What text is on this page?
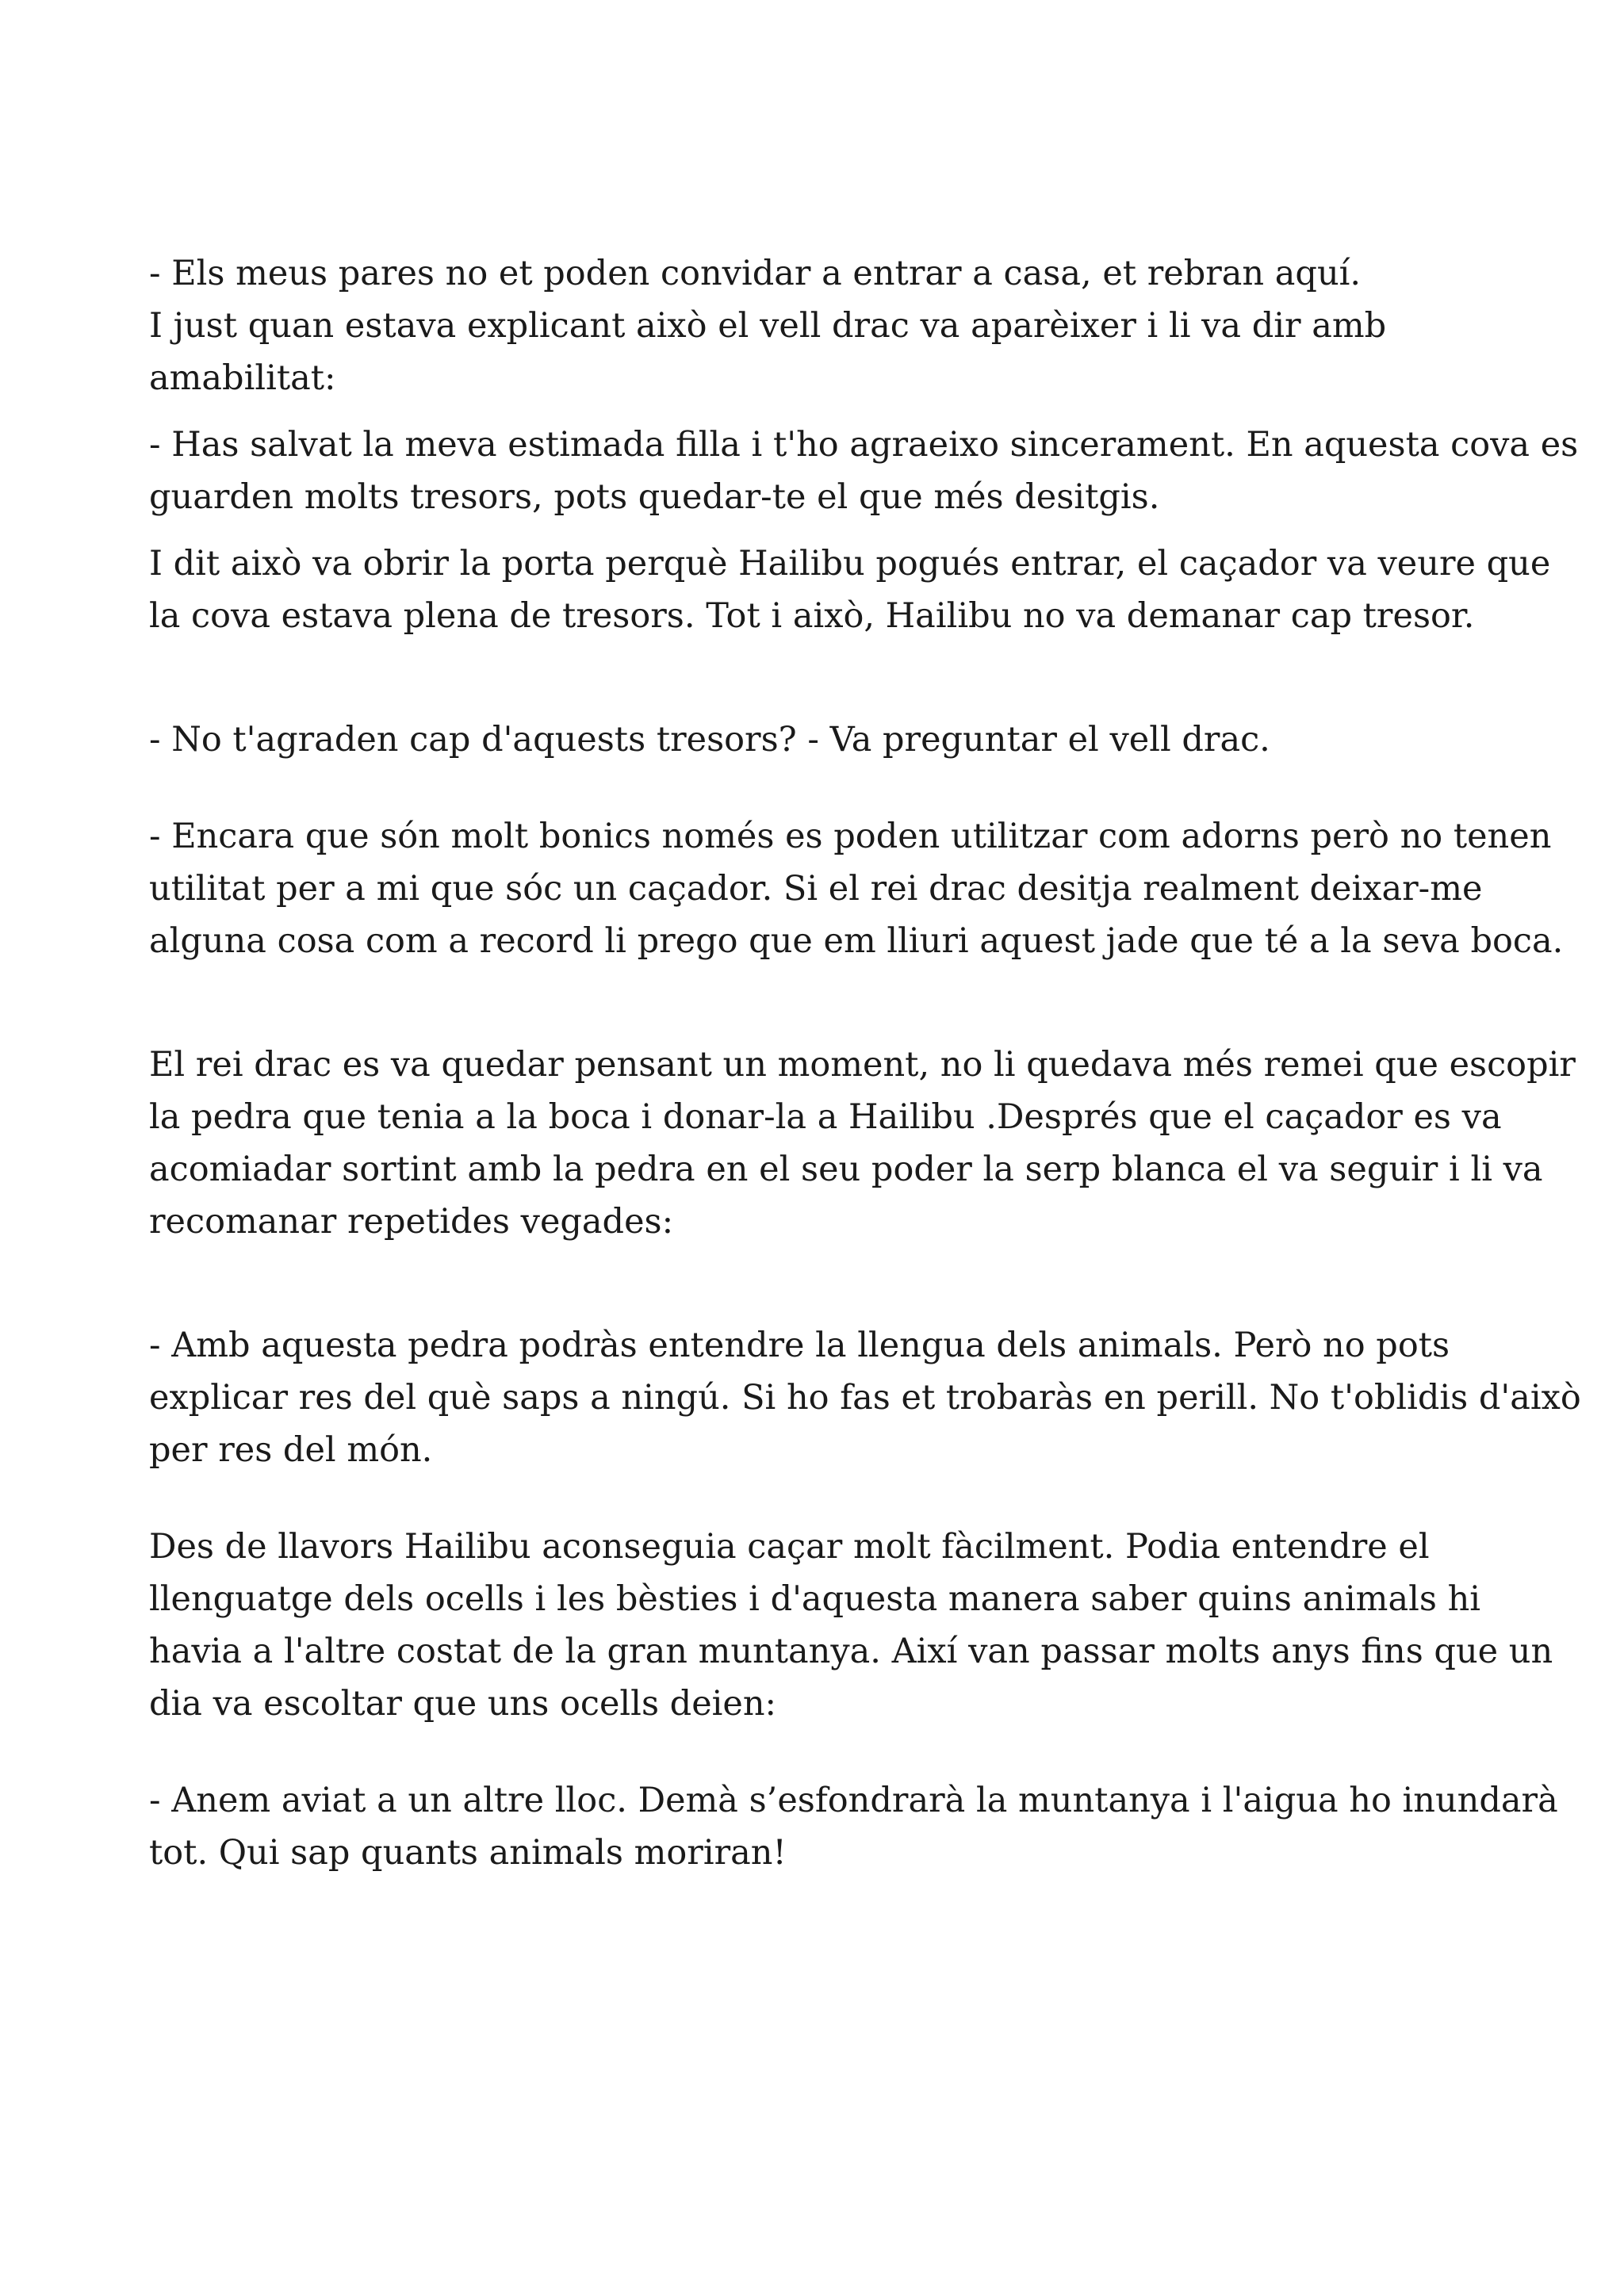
- Els meus pares no et poden convidar a entrar a casa, et rebran aquí.
I just quan estava explicant això el vell drac va aparèixer i li va dir amb
amabilitat:

- Has salvat la meva estimada filla i t'ho agraeixo sincerament. En aquesta cova es
guarden molts tresors, pots quedar-te el que més desitgis.

I dit això va obrir la porta perquè Hailibu pogués entrar, el caçador va veure que
la cova estava plena de tresors. Tot i això, Hailibu no va demanar cap tresor.

- No t'agraden cap d'aquests tresors? - Va preguntar el vell drac.

- Encara que són molt bonics només es poden utilitzar com adorns però no tenen
utilitat per a mi que sóc un caçador. Si el rei drac desitja realment deixar-me
alguna cosa com a record li prego que em lliuri aquest jade que té a la seva boca.

El rei drac es va quedar pensant un moment, no li quedava més remei que escopir
la pedra que tenia a la boca i donar-la a Hailibu .Després que el caçador es va
acomiadar sortint amb la pedra en el seu poder la serp blanca el va seguir i li va
recomanar repetides vegades:

- Amb aquesta pedra podràs entendre la llengua dels animals. Però no pots
explicar res del què saps a ningú. Si ho fas et trobaràs en perill. No t'oblidis d'això
per res del món.

Des de llavors Hailibu aconseguia caçar molt fàcilment. Podia entendre el
llenguatge dels ocells i les bèsties i d'aquesta manera saber quins animals hi
havia a l'altre costat de la gran muntanya. Així van passar molts anys fins que un
dia va escoltar que uns ocells deien:

- Anem aviat a un altre lloc. Demà s’esfondrarà la muntanya i l'aigua ho inundarà
tot. Qui sap quants animals moriran!
